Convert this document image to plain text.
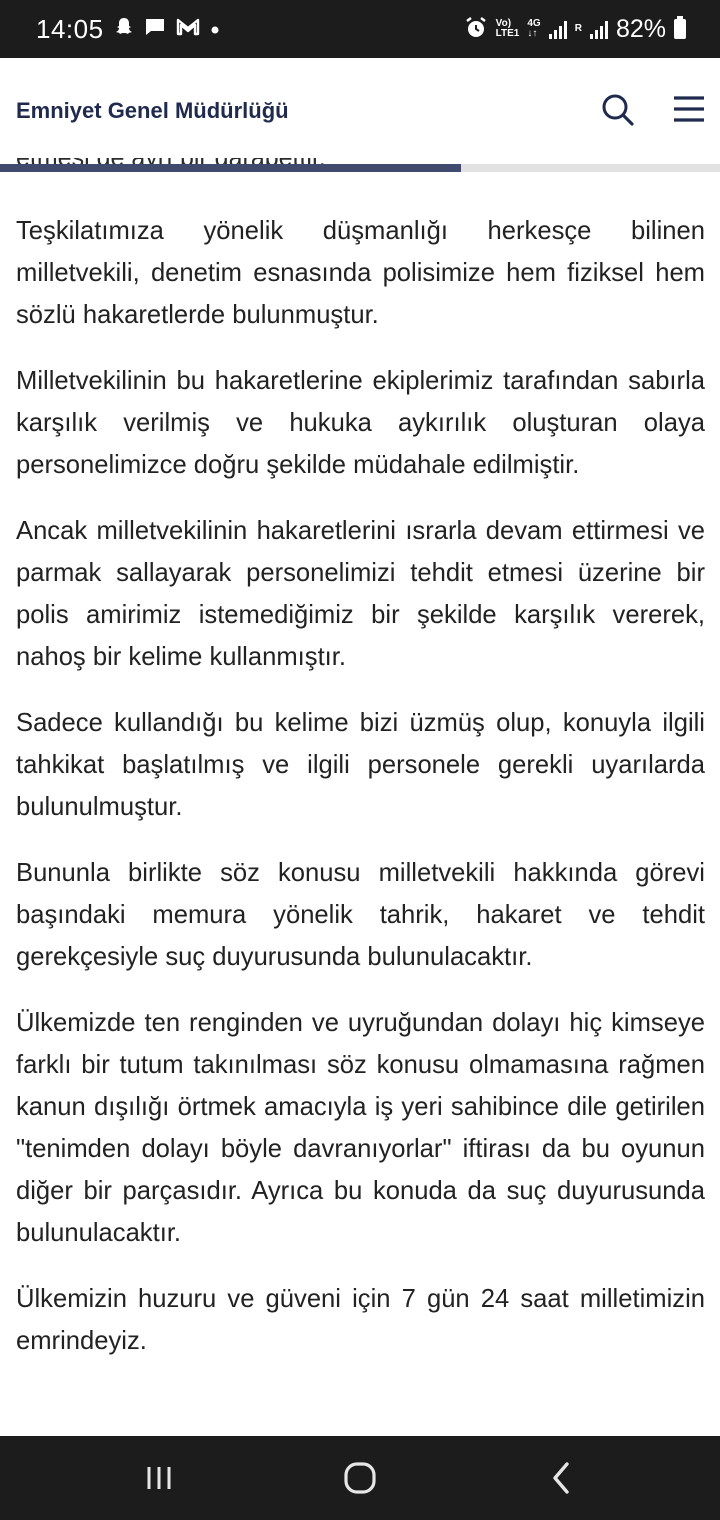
14:05	Vo)
LTE1
4G
↓↑	R 82%
Emniyet Genel Müdürlüğü

Teşkilatımıza yönelik düşmanlığı herkesçe bilinen milletvekili, denetim esnasında polisimize hem fiziksel hem sözlü hakaretlerde bulunmuştur.

Milletvekilinin bu hakaretlerine ekiplerimiz tarafından sabırla karşılık verilmiş ve hukuka aykırılık oluşturan olaya personelimizce doğru şekilde müdahale edilmiştir.

Ancak milletvekilinin hakaretlerini ısrarla devam ettirmesi ve parmak sallayarak personelimizi tehdit etmesi üzerine bir polis amirimiz istemediğimiz bir şekilde karşılık vererek, nahoş bir kelime kullanmıştır.

Sadece kullandığı bu kelime bizi üzmüş olup, konuyla ilgili tahkikat başlatılmış ve ilgili personele gerekli uyarılarda bulunulmuştur.

Bununla birlikte söz konusu milletvekili hakkında görevi başındaki memura yönelik tahrik, hakaret ve tehdit gerekçesiyle suç duyurusunda bulunulacaktır.

Ülkemizde ten renginden ve uyruğundan dolayı hiç kimseye farklı bir tutum takınılması söz konusu olmamasına rağmen kanun dışılığı örtmek amacıyla iş yeri sahibince dile getirilen "tenimden dolayı böyle davranıyorlar" iftirası da bu oyunun diğer bir parçasıdır. Ayrıca bu konuda da suç duyurusunda bulunulacaktır.

Ülkemizin huzuru ve güveni için 7 gün 24 saat milletimizin emrindeyiz.
